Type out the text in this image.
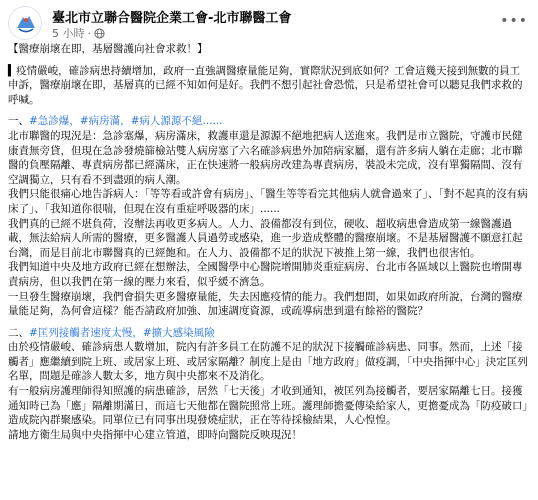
臺北市立聯合醫院企業工會-北市聯醫工會
5 小時 ·
•••

【醫療崩壞在即，基層醫護向社會求救！】

▍疫情嚴峻，確診病患持續增加，政府一直強調醫療量能足夠，實際狀況到底如何？工會這幾天接到無數的員工申訴，醫療崩壞在即，基層真的已經不知如何是好。我們不想引起社會恐慌，只是希望社會可以聽見我們求救的呼喊。

一、#急診爆，#病房滿，#病人源源不絕......

北市聯醫的現況是：急診塞爆，病房滿床，救護車還是源源不絕地把病人送進來。我們是市立醫院，守護市民健康責無旁貸，但現在急診發燒篩檢站雙人病房塞了六名確診病患外加陪病家屬，還有許多病人躺在走廊；北市聯醫的負壓隔離、專責病房都已經滿床，正在快速將一般病房改建為專責病房，裝設未完成，沒有單獨隔間、沒有空調獨立，只有看不到盡頭的病人潮。

我們只能很痛心地告訴病人：「等等看或許會有病房」、「醫生等等看完其他病人就會過來了」、「對不起真的沒有病床了」、「我知道你很喘，但現在沒有重症呼吸器的床」......

我們真的已經不堪負荷，沒辦法再收更多病人。人力、設備都沒有到位，硬收、超收病患會造成第一線醫護過載，無法給病人所需的醫療，更多醫護人員過勞或感染，進一步造成整體的醫療崩壞。不是基層醫護不願意扛起台灣，而是目前北市聯醫真的已經飽和。在人力、設備都不足的狀況下被推上第一線，我們也很害怕。

我們知道中央及地方政府已經在想辦法，全國醫學中心醫院增開肺炎重症病房、台北市各區域以上醫院也增開專責病房，但以我們在第一線的壓力來看，似乎緩不濟急。

一旦發生醫療崩壞，我們會損失更多醫療量能，失去因應疫情的能力。我們想問，如果如政府所說，台灣的醫療量能足夠，為何會這樣？能否請政府加強、加速調度資源，或疏導病患到還有餘裕的醫院？

二、#匡列接觸者速度太慢，#擴大感染風險

由於疫情嚴峻、確診病患人數增加，院內有許多員工在防護不足的狀況下接觸確診病患、同事。然而，上述「接觸者」應繼續到院上班、或居家上班、或居家隔離？制度上是由「地方政府」做疫調，「中央指揮中心」決定匡列名單，問題是確診人數太多，地方與中央都來不及消化。

有一般病房護理師得知照護的病患確診，居然「七天後」才收到通知，被匡列為接觸者，要居家隔離七日。接獲通知時已為「應」隔離期滿日，而這七天他都在醫院照常上班。護理師擔憂傳染給家人，更擔憂成為「防疫破口」造成院內群聚感染。同單位已有同事出現發燒症狀，正在等待採檢結果，人心惶惶。

請地方衛生局與中央指揮中心建立管道，即時向醫院反映現況！
